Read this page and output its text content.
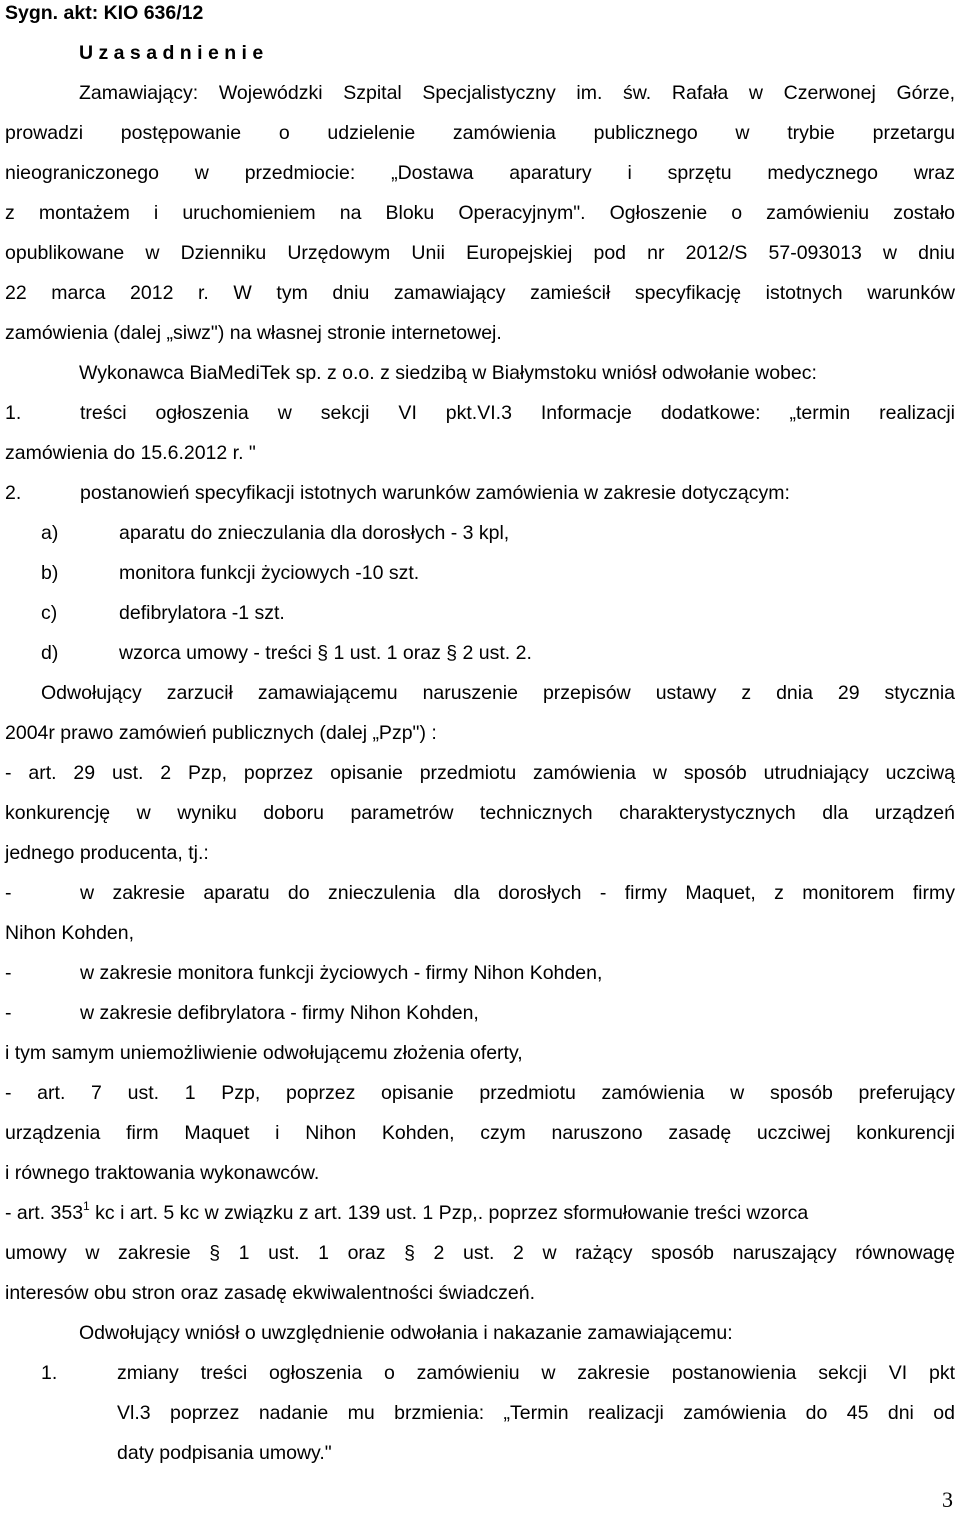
Sygn. akt: KIO 636/12
U z a s a d n i e n i e
Zamawiający: Wojewódzki Szpital Specjalistyczny im. św. Rafała w Czerwonej Górze,
prowadzi postępowanie o udzielenie zamówienia publicznego w trybie przetargu
nieograniczonego w przedmiocie: „Dostawa aparatury i sprzętu medycznego wraz
z montażem i uruchomieniem na Bloku Operacyjnym". Ogłoszenie o zamówieniu zostało
opublikowane w Dzienniku Urzędowym Unii Europejskiej pod nr 2012/S 57-093013 w dniu
22 marca 2012 r. W tym dniu zamawiający zamieścił specyfikację istotnych warunków
zamówienia (dalej „siwz") na własnej stronie internetowej.
Wykonawca BiaMediTek sp. z o.o. z siedzibą w Białymstoku wniósł odwołanie wobec:
1.	treści ogłoszenia w sekcji VI pkt.VI.3 Informacje dodatkowe: „termin realizacji
zamówienia do 15.6.2012 r. "
2.	postanowień specyfikacji istotnych warunków zamówienia w zakresie dotyczącym:
a)	aparatu do znieczulania dla dorosłych - 3 kpl,
b)	monitora funkcji życiowych -10 szt.
c)	defibrylatora -1 szt.
d)	wzorca umowy - treści § 1 ust. 1 oraz § 2 ust. 2.
Odwołujący zarzucił zamawiającemu naruszenie przepisów ustawy z dnia 29 stycznia
2004r prawo zamówień publicznych (dalej „Pzp") :
- art. 29 ust. 2 Pzp, poprzez opisanie przedmiotu zamówienia w sposób utrudniający uczciwą
konkurencję w wyniku doboru parametrów technicznych charakterystycznych dla urządzeń
jednego producenta, tj.:
-	w zakresie aparatu do znieczulenia dla dorosłych - firmy Maquet, z monitorem firmy
Nihon Kohden,
-	w zakresie monitora funkcji życiowych - firmy Nihon Kohden,
-	w zakresie defibrylatora - firmy Nihon Kohden,
i tym samym uniemożliwienie odwołującemu złożenia oferty,
- art. 7 ust. 1 Pzp, poprzez opisanie przedmiotu zamówienia w sposób preferujący
urządzenia firm Maquet i Nihon Kohden, czym naruszono zasadę uczciwej konkurencji
i równego traktowania wykonawców.
- art. $353^1$ kc i art. 5 kc w związku z art. 139 ust. 1 Pzp,. poprzez sformułowanie treści wzorca
umowy w zakresie § 1 ust. 1 oraz § 2 ust. 2 w rażący sposób naruszający równowagę
interesów obu stron oraz zasadę ekwiwalentności świadczeń.
Odwołujący wniósł o uwzględnienie odwołania i nakazanie zamawiającemu:
1.	zmiany treści ogłoszenia o zamówieniu w zakresie postanowienia sekcji VI pkt
Vl.3 poprzez nadanie mu brzmienia: „Termin realizacji zamówienia do 45 dni od
daty podpisania umowy."
3
